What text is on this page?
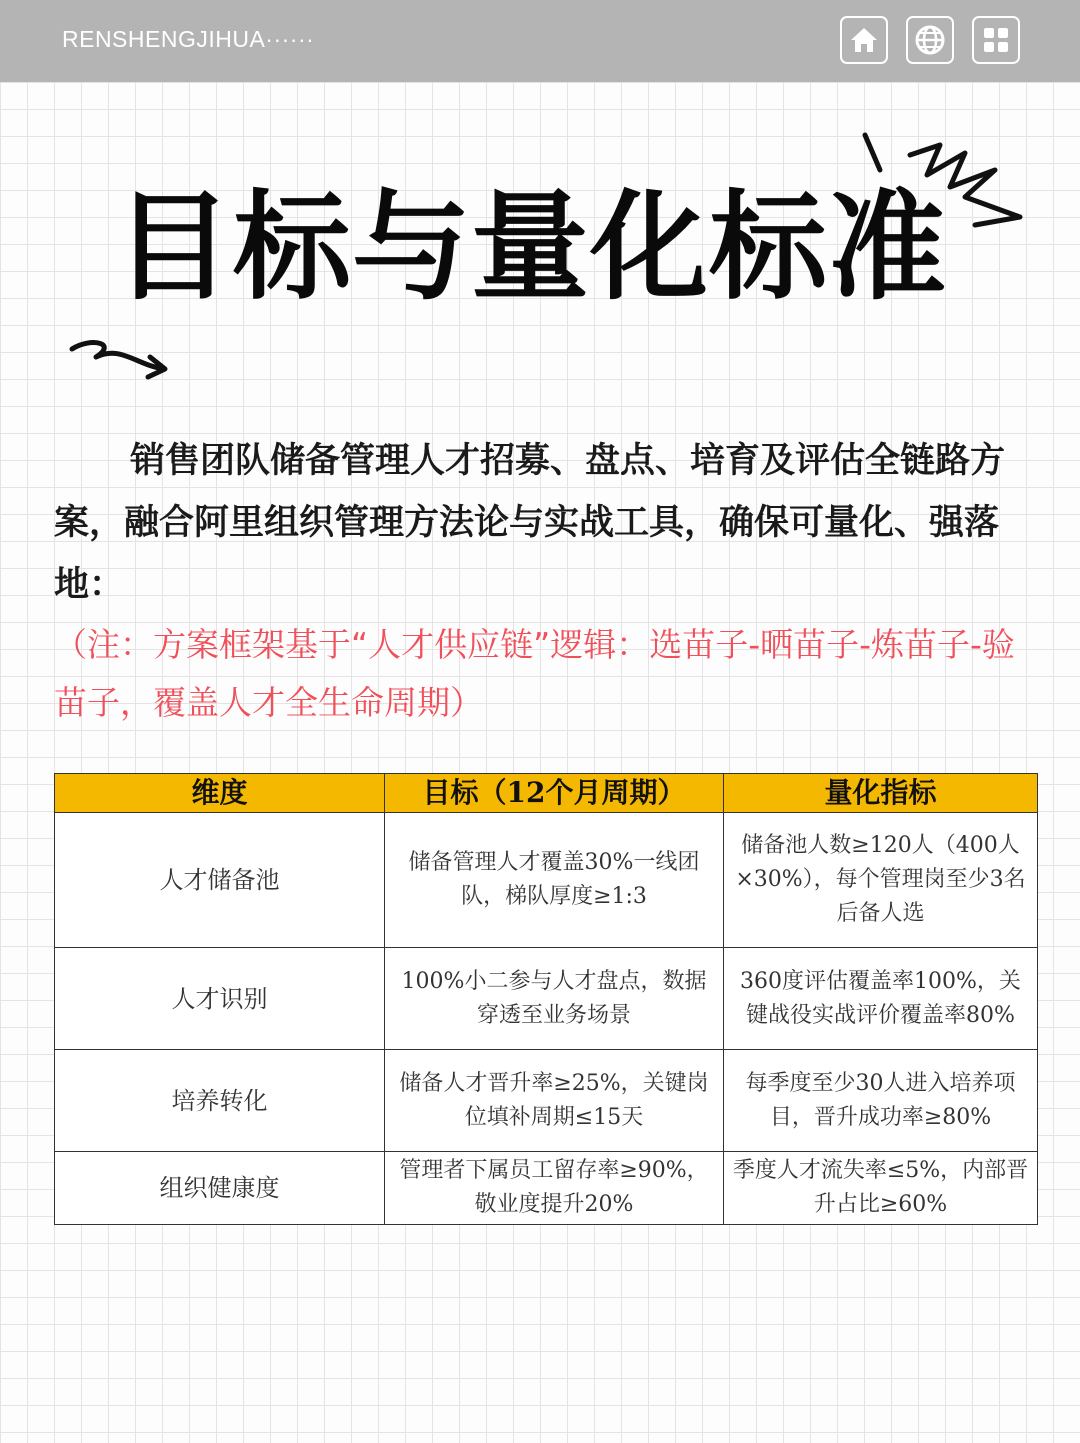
RENSHENGJIHUA······
目标与量化标准

销售团队储备管理人才招募、盘点、培育及评估全链路方案，融合阿里组织管理方法论与实战工具，确保可量化、强落地：

（注：方案框架基于“人才供应链”逻辑：选苗子-晒苗子-炼苗子-验苗子，覆盖人才全生命周期）

维度	目标（12个月周期）	量化指标
人才储备池	储备管理人才覆盖30%一线团队，梯队厚度≥1:3	储备池人数≥120人（400人×30%），每个管理岗至少3名后备人选
人才识别	100%小二参与人才盘点，数据穿透至业务场景	360度评估覆盖率100%，关键战役实战评价覆盖率80%
培养转化	储备人才晋升率≥25%，关键岗位填补周期≤15天	每季度至少30人进入培养项目，晋升成功率≥80%
组织健康度	管理者下属员工留存率≥90%，敬业度提升20%	季度人才流失率≤5%，内部晋升占比≥60%
